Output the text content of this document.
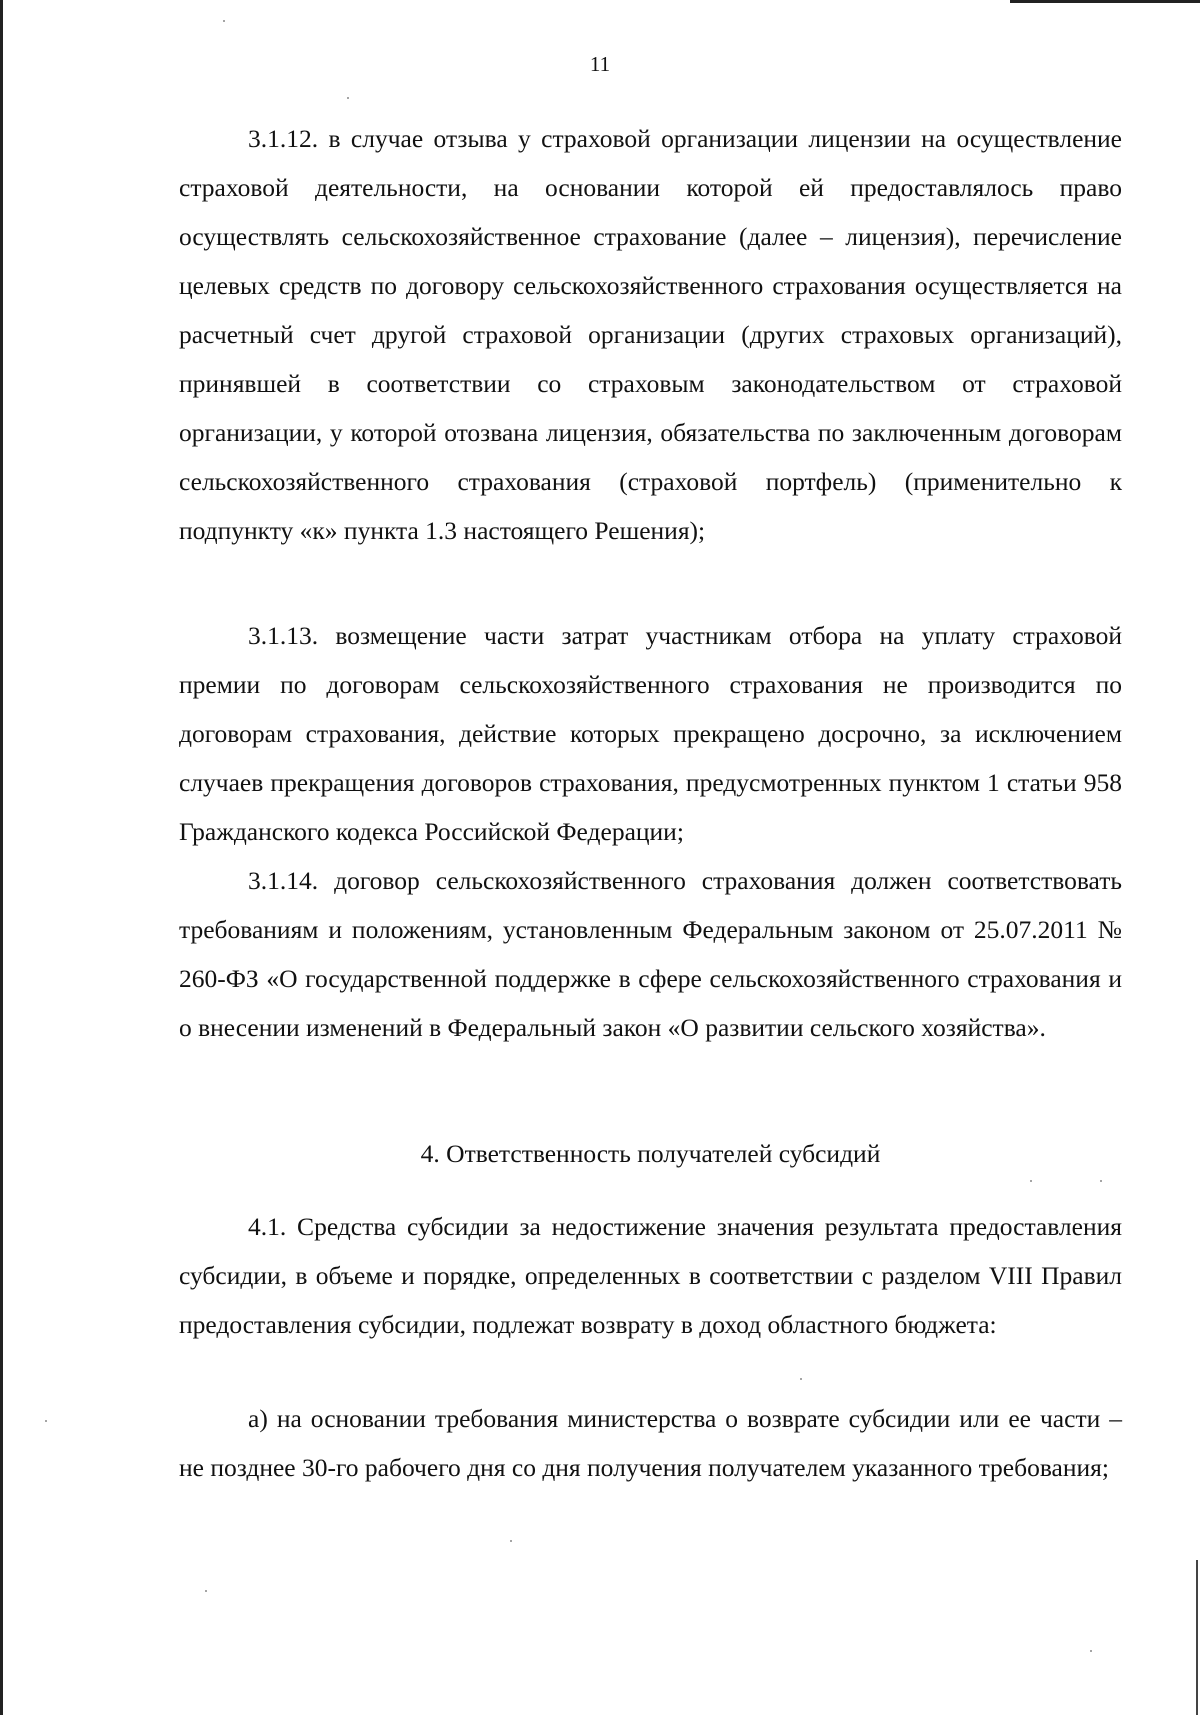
11

3.1.12. в случае отзыва у страховой организации лицензии на осуществление страховой деятельности, на основании которой ей предоставлялось право осуществлять сельскохозяйственное страхование (далее – лицензия), перечисление целевых средств по договору сельскохозяйственного страхования осуществляется на расчетный счет другой страховой организации (других страховых организаций), принявшей в соответствии со страховым законодательством от страховой организации, у которой отозвана лицензия, обязательства по заключенным договорам сельскохозяйственного страхования (страховой портфель) (применительно к подпункту «к» пункта 1.3 настоящего Решения);

3.1.13. возмещение части затрат участникам отбора на уплату страховой премии по договорам сельскохозяйственного страхования не производится по договорам страхования, действие которых прекращено досрочно, за исключением случаев прекращения договоров страхования, предусмотренных пунктом 1 статьи 958 Гражданского кодекса Российской Федерации;

3.1.14. договор сельскохозяйственного страхования должен соответствовать требованиям и положениям, установленным Федеральным законом от 25.07.2011 № 260-ФЗ «О государственной поддержке в сфере сельскохозяйственного страхования и о внесении изменений в Федеральный закон «О развитии сельского хозяйства».

4. Ответственность получателей субсидий

4.1. Средства субсидии за недостижение значения результата предоставления субсидии, в объеме и порядке, определенных в соответствии с разделом VIII Правил предоставления субсидии, подлежат возврату в доход областного бюджета:

а) на основании требования министерства о возврате субсидии или ее части – не позднее 30-го рабочего дня со дня получения получателем указанного требования;
